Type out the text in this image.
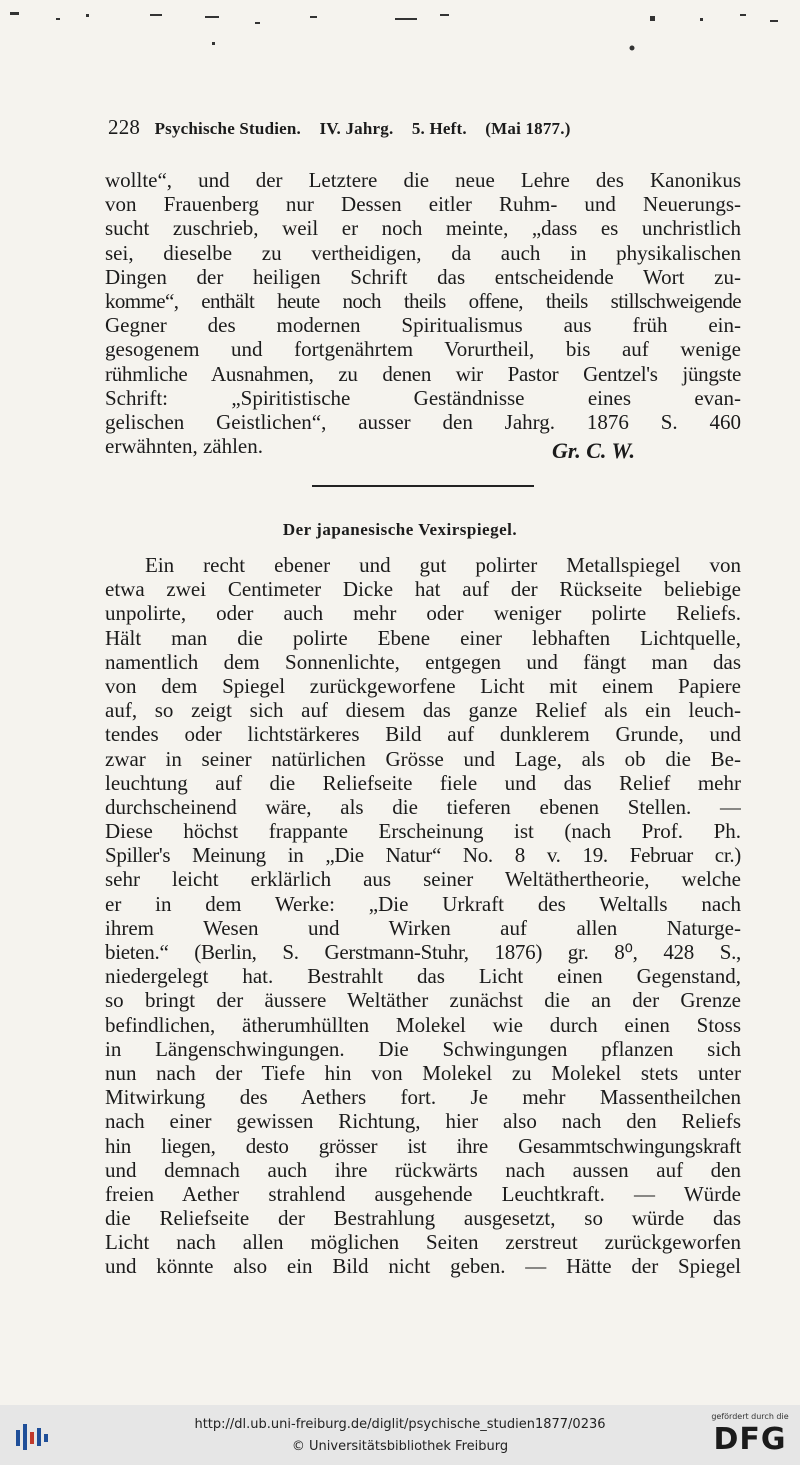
228 Psychische Studien. IV. Jahrg. 5. Heft. (Mai 1877.)
wollte“, und der Letztere die neue Lehre des Kanonikus
von Frauenberg nur Dessen eitler Ruhm- und Neuerungs-
sucht zuschrieb, weil er noch meinte, „dass es unchristlich
sei, dieselbe zu vertheidigen, da auch in physikalischen
Dingen der heiligen Schrift das entscheidende Wort zu-
komme“, enthält heute noch theils offene, theils stillschweigende
Gegner des modernen Spiritualismus aus früh ein-
gesogenem und fortgenährtem Vorurtheil, bis auf wenige
rühmliche Ausnahmen, zu denen wir Pastor Gentzel's jüngste
Schrift: „Spiritistische Geständnisse eines evan-
gelischen Geistlichen“, ausser den Jahrg. 1876 S. 460
erwähnten, zählen.	Gr. C. W.
Der japanesische Vexirspiegel.
Ein recht ebener und gut polirter Metallspiegel von
etwa zwei Centimeter Dicke hat auf der Rückseite beliebige
unpolirte, oder auch mehr oder weniger polirte Reliefs.
Hält man die polirte Ebene einer lebhaften Lichtquelle,
namentlich dem Sonnenlichte, entgegen und fängt man das
von dem Spiegel zurückgeworfene Licht mit einem Papiere
auf, so zeigt sich auf diesem das ganze Relief als ein leuch-
tendes oder lichtstärkeres Bild auf dunklerem Grunde, und
zwar in seiner natürlichen Grösse und Lage, als ob die Be-
leuchtung auf die Reliefseite fiele und das Relief mehr
durchscheinend wäre, als die tieferen ebenen Stellen. —
Diese höchst frappante Erscheinung ist (nach Prof. Ph.
Spiller's Meinung in „Die Natur“ No. 8 v. 19. Februar cr.)
sehr leicht erklärlich aus seiner Weltäthertheorie, welche
er in dem Werke: „Die Urkraft des Weltalls nach
ihrem Wesen und Wirken auf allen Naturge-
bieten.“ (Berlin, S. Gerstmann-Stuhr, 1876) gr. 8⁰, 428 S.,
niedergelegt hat. Bestrahlt das Licht einen Gegenstand,
so bringt der äussere Weltäther zunächst die an der Grenze
befindlichen, ätherumhüllten Molekel wie durch einen Stoss
in Längenschwingungen. Die Schwingungen pflanzen sich
nun nach der Tiefe hin von Molekel zu Molekel stets unter
Mitwirkung des Aethers fort. Je mehr Massentheilchen
nach einer gewissen Richtung, hier also nach den Reliefs
hin liegen, desto grösser ist ihre Gesammtschwingungskraft
und demnach auch ihre rückwärts nach aussen auf den
freien Aether strahlend ausgehende Leuchtkraft. — Würde
die Reliefseite der Bestrahlung ausgesetzt, so würde das
Licht nach allen möglichen Seiten zerstreut zurückgeworfen
und könnte also ein Bild nicht geben. — Hätte der Spiegel
http://dl.ub.uni-freiburg.de/diglit/psychische_studien1877/0236
© Universitätsbibliothek Freiburg
gefördert durch die
DFG
